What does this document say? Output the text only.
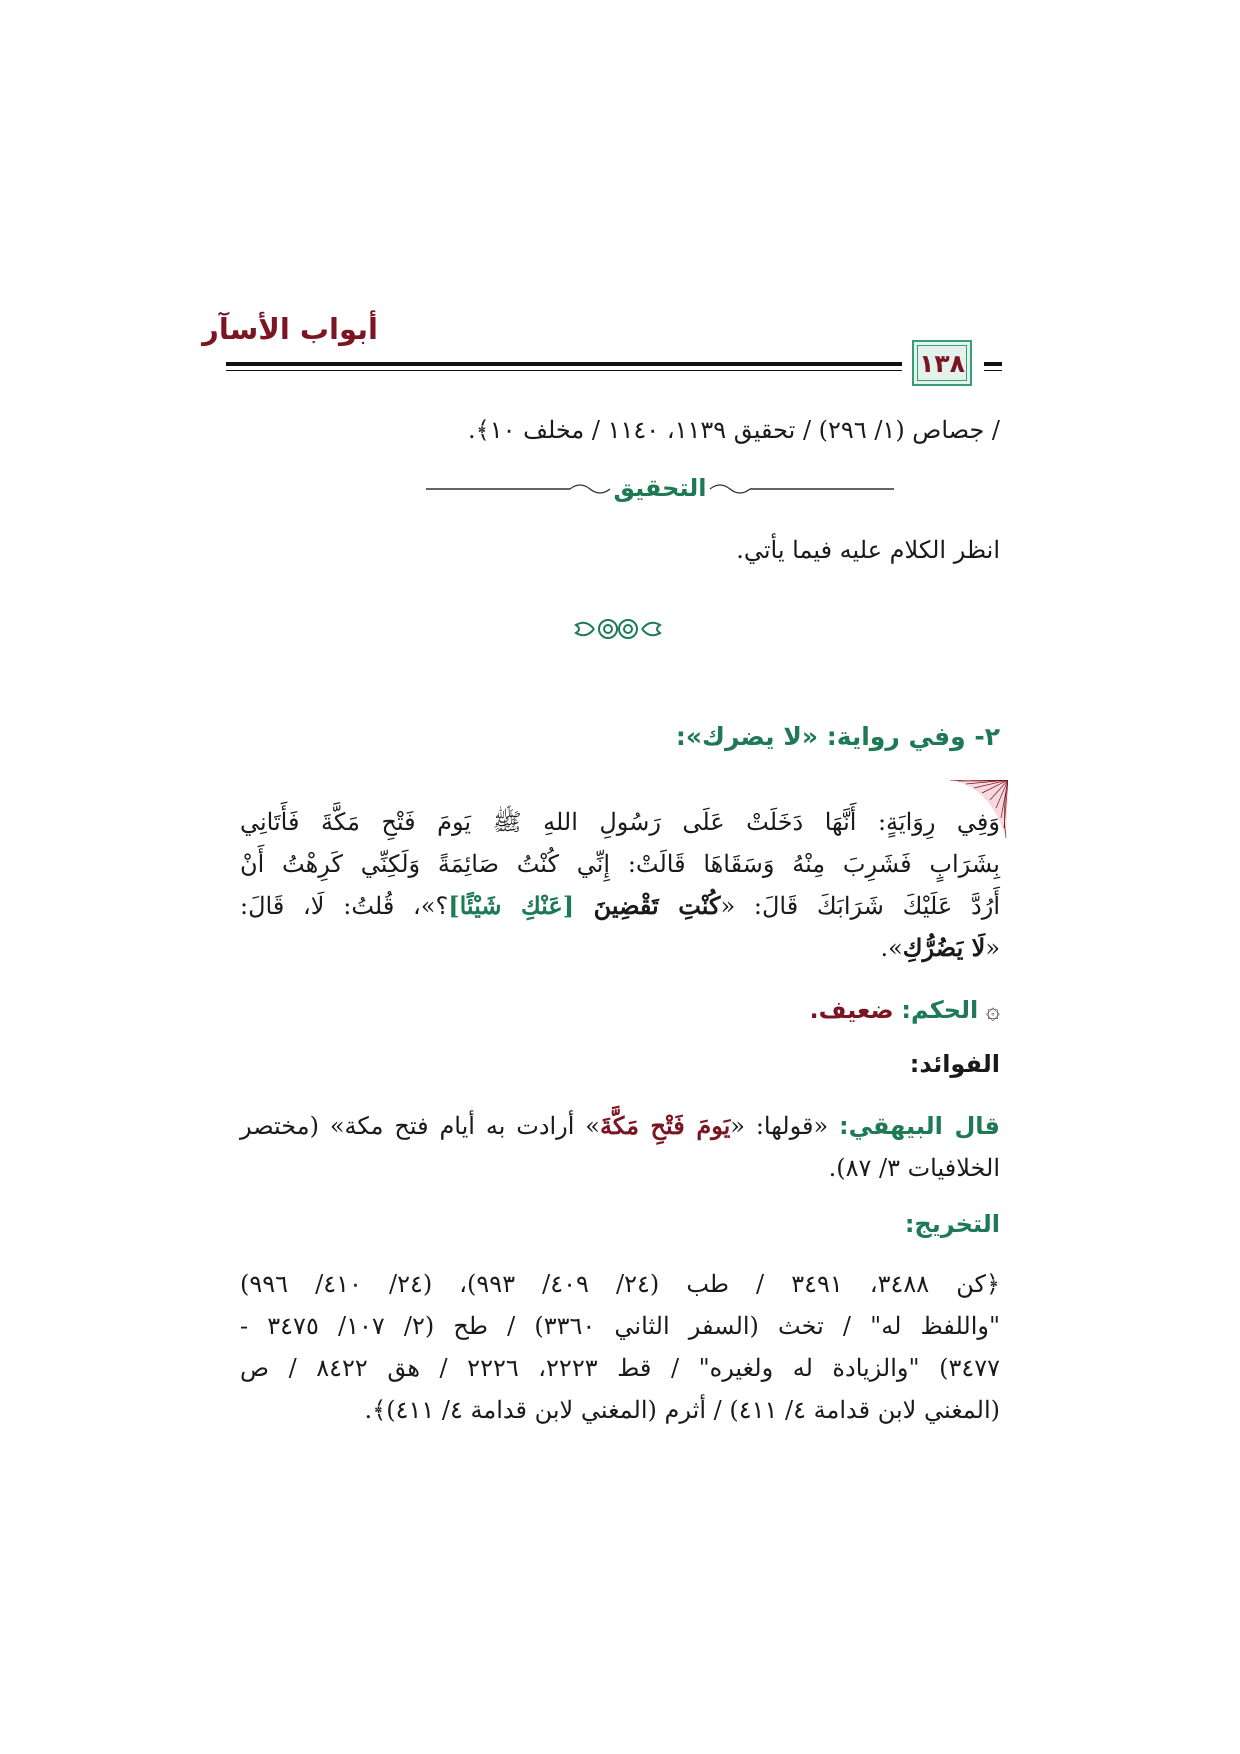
أبواب الأسآر
١٣٨
/ جصاص (١/ ٢٩٦) / تحقيق ١١٣٩، ١١٤٠ / مخلف ١٠﴾.
التحقيق
انظر الكلام عليه فيما يأتي.
٢- وفي رواية: «لا يضرك»:
وَفِي رِوَايَةٍ: أَنَّهَا دَخَلَتْ عَلَى رَسُولِ اللهِ ﷺ يَومَ فَتْحِ مَكَّةَ فَأَتَانِي
بِشَرَابٍ فَشَرِبَ مِنْهُ وَسَقَاهَا قَالَتْ: إِنِّي كُنْتُ صَائِمَةً وَلَكِنِّي كَرِهْتُ أَنْ
أَرُدَّ عَلَيْكَ شَرَابَكَ قَالَ: «كُنْتِ تَقْضِينَ [عَنْكِ شَيْئًا]؟»، قُلتُ: لَا، قَالَ:
«لَا يَضُرُّكِ».
۞ الحكم: ضعيف.
الفوائد:
قال البيهقي: «قولها: «يَومَ فَتْحِ مَكَّةَ» أرادت به أيام فتح مكة» (مختصر
الخلافيات ٣/ ٨٧).
التخريج:
﴿كن ٣٤٨٨، ٣٤٩١ / طب (٢٤/ ٤٠٩/ ٩٩٣)، (٢٤/ ٤١٠/ ٩٩٦)
"واللفظ له" / تخث (السفر الثاني ٣٣٦٠) / طح (٢/ ١٠٧/ ٣٤٧٥ -
٣٤٧٧) "والزيادة له ولغيره" / قط ٢٢٢٣، ٢٢٢٦ / هق ٨٤٢٢ / ص
(المغني لابن قدامة ٤/ ٤١١) / أثرم (المغني لابن قدامة ٤/ ٤١١)﴾.
